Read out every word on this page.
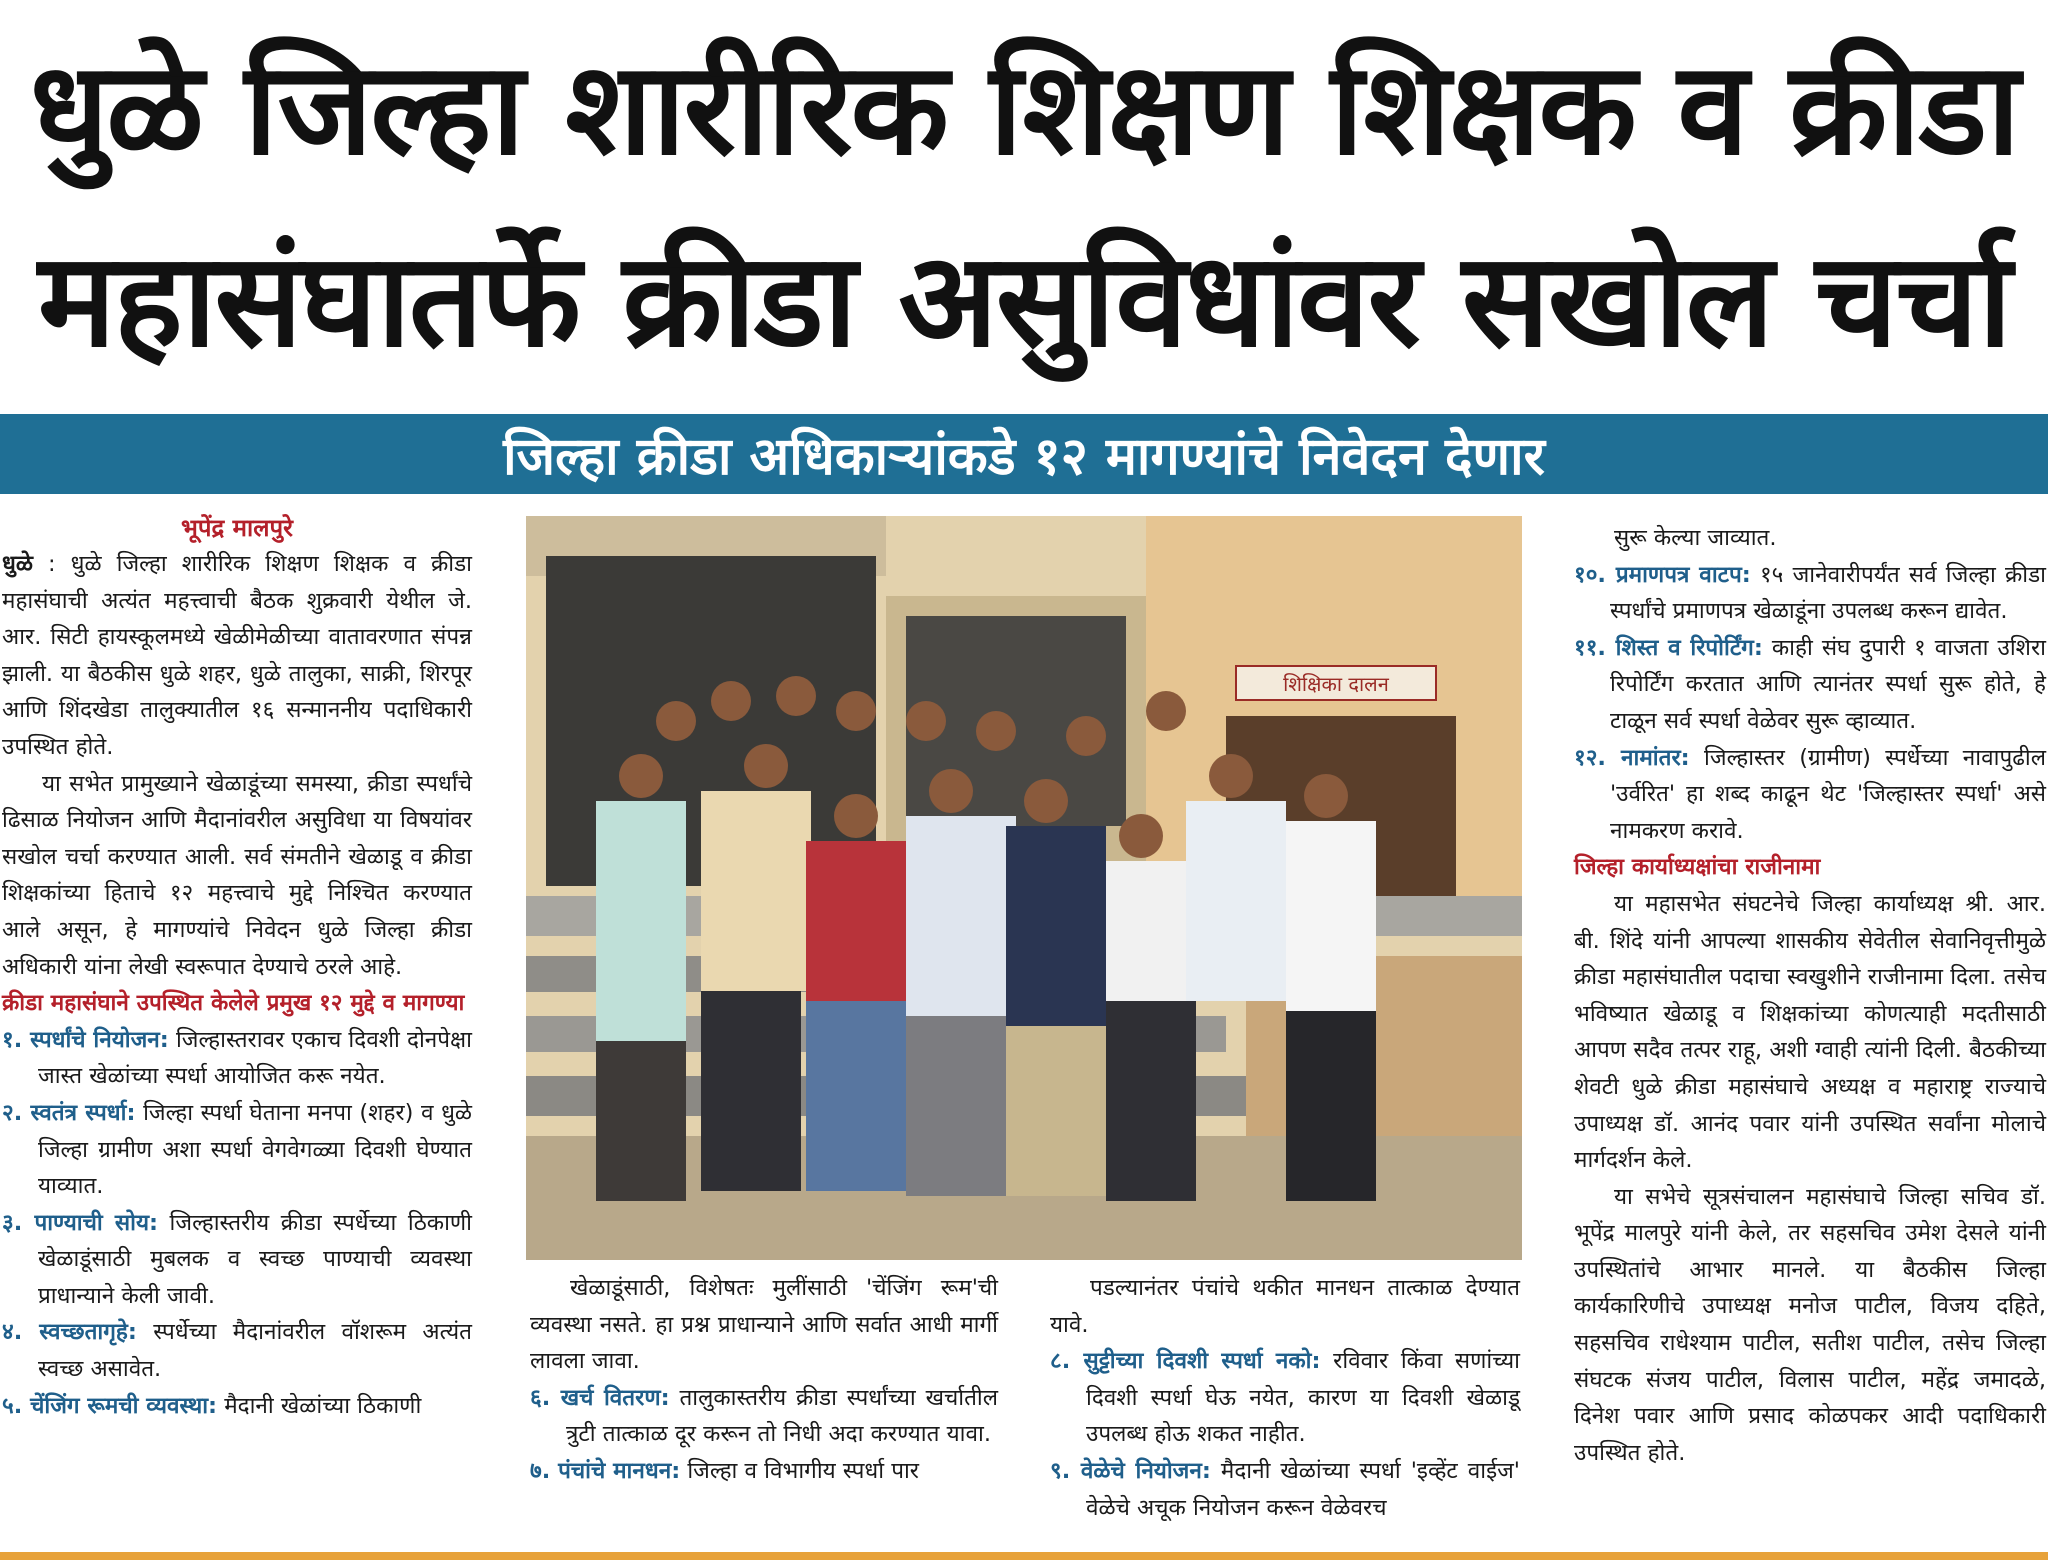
धुळे जिल्हा शारीरिक शिक्षण शिक्षक व क्रीडा
महासंघातर्फे क्रीडा असुविधांवर सखोल चर्चा
जिल्हा क्रीडा अधिकाऱ्यांकडे १२ मागण्यांचे निवेदन देणार

भूपेंद्र मालपुरे

धुळे : धुळे जिल्हा शारीरिक शिक्षण शिक्षक व क्रीडा महासंघाची अत्यंत महत्त्वाची बैठक शुक्रवारी येथील जे. आर. सिटी हायस्कूलमध्ये खेळीमेळीच्या वातावरणात संपन्न झाली. या बैठकीस धुळे शहर, धुळे तालुका, साक्री, शिरपूर आणि शिंदखेडा तालुक्यातील १६ सन्माननीय पदाधिकारी उपस्थित होते.

या सभेत प्रामुख्याने खेळाडूंच्या समस्या, क्रीडा स्पर्धांचे ढिसाळ नियोजन आणि मैदानांवरील असुविधा या विषयांवर सखोल चर्चा करण्यात आली. सर्व संमतीने खेळाडू व क्रीडा शिक्षकांच्या हिताचे १२ महत्त्वाचे मुद्दे निश्चित करण्यात आले असून, हे मागण्यांचे निवेदन धुळे जिल्हा क्रीडा अधिकारी यांना लेखी स्वरूपात देण्याचे ठरले आहे.

क्रीडा महासंघाने उपस्थित केलेले प्रमुख १२ मुद्दे व मागण्या

१. स्पर्धांचे नियोजन: जिल्हास्तरावर एकाच दिवशी दोनपेक्षा जास्त खेळांच्या स्पर्धा आयोजित करू नयेत.

२. स्वतंत्र स्पर्धा: जिल्हा स्पर्धा घेताना मनपा (शहर) व धुळे जिल्हा ग्रामीण अशा स्पर्धा वेगवेगळ्या दिवशी घेण्यात याव्यात.

३. पाण्याची सोय: जिल्हास्तरीय क्रीडा स्पर्धेच्या ठिकाणी खेळाडूंसाठी मुबलक व स्वच्छ पाण्याची व्यवस्था प्राधान्याने केली जावी.

४. स्वच्छतागृहे: स्पर्धेच्या मैदानांवरील वॉशरूम अत्यंत स्वच्छ असावेत.

५. चेंजिंग रूमची व्यवस्था: मैदानी खेळांच्या ठिकाणी

शिक्षिका दालन

खेळाडूंसाठी, विशेषतः मुलींसाठी 'चेंजिंग रूम'ची व्यवस्था नसते. हा प्रश्न प्राधान्याने आणि सर्वात आधी मार्गी लावला जावा.

६. खर्च वितरण: तालुकास्तरीय क्रीडा स्पर्धांच्या खर्चातील त्रुटी तात्काळ दूर करून तो निधी अदा करण्यात यावा.

७. पंचांचे मानधन: जिल्हा व विभागीय स्पर्धा पार

पडल्यानंतर पंचांचे थकीत मानधन तात्काळ देण्यात यावे.

८. सुट्टीच्या दिवशी स्पर्धा नको: रविवार किंवा सणांच्या दिवशी स्पर्धा घेऊ नयेत, कारण या दिवशी खेळाडू उपलब्ध होऊ शकत नाहीत.

९. वेळेचे नियोजन: मैदानी खेळांच्या स्पर्धा 'इव्हेंट वाईज' वेळेचे अचूक नियोजन करून वेळेवरच

सुरू केल्या जाव्यात.

१०. प्रमाणपत्र वाटप: १५ जानेवारीपर्यंत सर्व जिल्हा क्रीडा स्पर्धांचे प्रमाणपत्र खेळाडूंना उपलब्ध करून द्यावेत.

११. शिस्त व रिपोर्टिंग: काही संघ दुपारी १ वाजता उशिरा रिपोर्टिंग करतात आणि त्यानंतर स्पर्धा सुरू होते, हे टाळून सर्व स्पर्धा वेळेवर सुरू व्हाव्यात.

१२. नामांतर: जिल्हास्तर (ग्रामीण) स्पर्धेच्या नावापुढील 'उर्वरित' हा शब्द काढून थेट 'जिल्हास्तर स्पर्धा' असे नामकरण करावे.

जिल्हा कार्याध्यक्षांचा राजीनामा

या महासभेत संघटनेचे जिल्हा कार्याध्यक्ष श्री. आर. बी. शिंदे यांनी आपल्या शासकीय सेवेतील सेवानिवृत्तीमुळे क्रीडा महासंघातील पदाचा स्वखुशीने राजीनामा दिला. तसेच भविष्यात खेळाडू व शिक्षकांच्या कोणत्याही मदतीसाठी आपण सदैव तत्पर राहू, अशी ग्वाही त्यांनी दिली. बैठकीच्या शेवटी धुळे क्रीडा महासंघाचे अध्यक्ष व महाराष्ट्र राज्याचे उपाध्यक्ष डॉ. आनंद पवार यांनी उपस्थित सर्वांना मोलाचे मार्गदर्शन केले.

या सभेचे सूत्रसंचालन महासंघाचे जिल्हा सचिव डॉ. भूपेंद्र मालपुरे यांनी केले, तर सहसचिव उमेश देसले यांनी उपस्थितांचे आभार मानले. या बैठकीस जिल्हा कार्यकारिणीचे उपाध्यक्ष मनोज पाटील, विजय दहिते, सहसचिव राधेश्याम पाटील, सतीश पाटील, तसेच जिल्हा संघटक संजय पाटील, विलास पाटील, महेंद्र जमादळे, दिनेश पवार आणि प्रसाद कोळपकर आदी पदाधिकारी उपस्थित होते.
